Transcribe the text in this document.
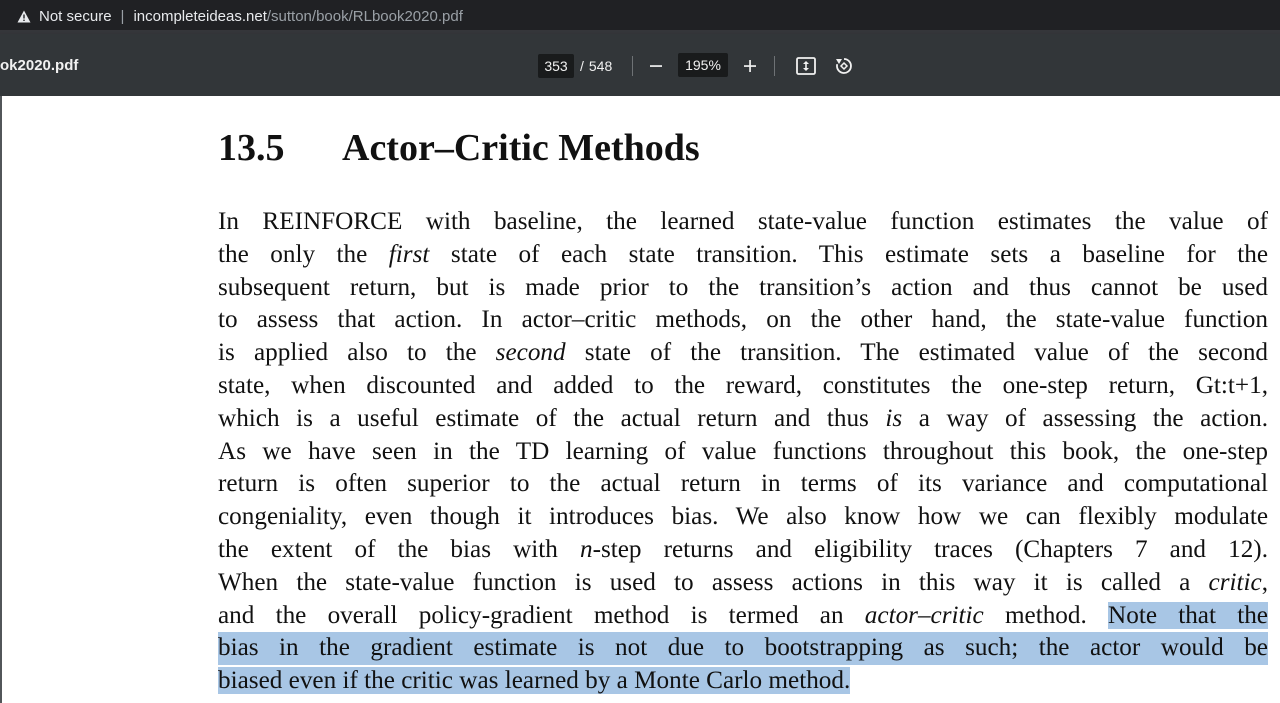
Not secure | incompleteideas.net /sutton/book/RLbook2020.pdf
ok2020.pdf
353	/ 548
195%
13.5 Actor–Critic Methods
In REINFORCE with baseline, the learned state-value function estimates the value of
the only the first state of each state transition. This estimate sets a baseline for the
subsequent return, but is made prior to the transition’s action and thus cannot be used
to assess that action. In actor–critic methods, on the other hand, the state-value function
is applied also to the second state of the transition. The estimated value of the second
state, when discounted and added to the reward, constitutes the one-step return, Gt:t+1,
which is a useful estimate of the actual return and thus is a way of assessing the action.
As we have seen in the TD learning of value functions throughout this book, the one-step
return is often superior to the actual return in terms of its variance and computational
congeniality, even though it introduces bias. We also know how we can flexibly modulate
the extent of the bias with n-step returns and eligibility traces (Chapters 7 and 12).
When the state-value function is used to assess actions in this way it is called a critic,
and the overall policy-gradient method is termed an actor–critic method. Note that the
bias in the gradient estimate is not due to bootstrapping as such; the actor would be
biased even if the critic was learned by a Monte Carlo method.
